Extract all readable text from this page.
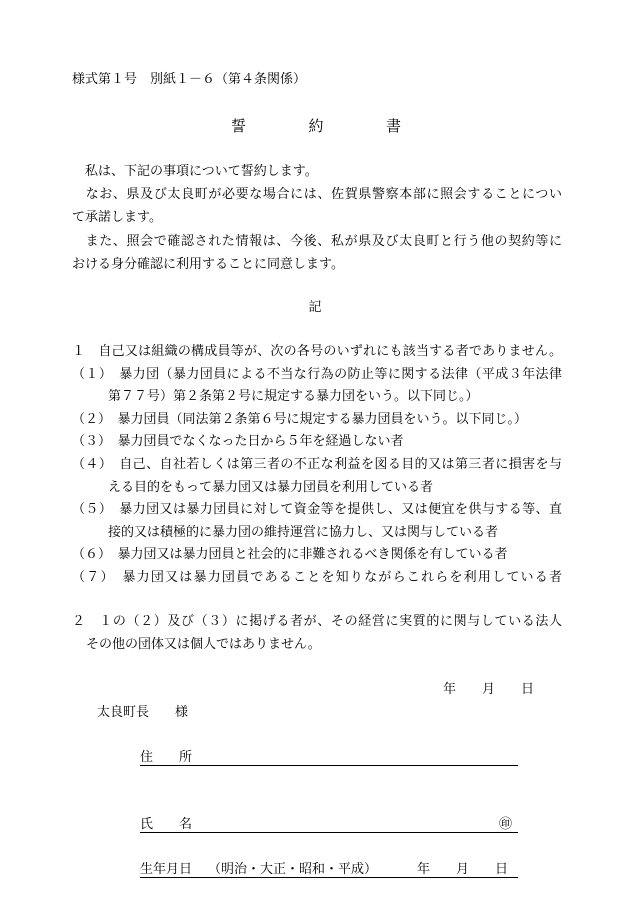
様式第１号　別紙１－６（第４条関係）
誓約書
　私は、下記の事項について誓約します。
　なお、県及び太良町が必要な場合には、佐賀県警察本部に照会することについ
て承諾します。
　また、照会で確認された情報は、今後、私が県及び太良町と行う他の契約等に
おける身分確認に利用することに同意します。
記
１　自己又は組織の構成員等が、次の各号のいずれにも該当する者でありません。
（１）　暴力団（暴力団員による不当な行為の防止等に関する法律（平成３年法律
第７７号）第２条第２号に規定する暴力団をいう。以下同じ。）
（２）　暴力団員（同法第２条第６号に規定する暴力団員をいう。以下同じ。）
（３）　暴力団員でなくなった日から５年を経過しない者
（４）　自己、自社若しくは第三者の不正な利益を図る目的又は第三者に損害を与
える目的をもって暴力団又は暴力団員を利用している者
（５）　暴力団又は暴力団員に対して資金等を提供し、又は便宜を供与する等、直
接的又は積極的に暴力団の維持運営に協力し、又は関与している者
（６）　暴力団又は暴力団員と社会的に非難されるべき関係を有している者
（７）　暴力団又は暴力団員であることを知りながらこれらを利用している者
２　１の（２）及び（３）に掲げる者が、その経営に実質的に関与している法人
その他の団体又は個人ではありません。
年　　月　　日
太良町長　　様
住　　所
氏　　名	㊞
生年月日 （明治・大正・昭和・平成）	年　　月　　日
